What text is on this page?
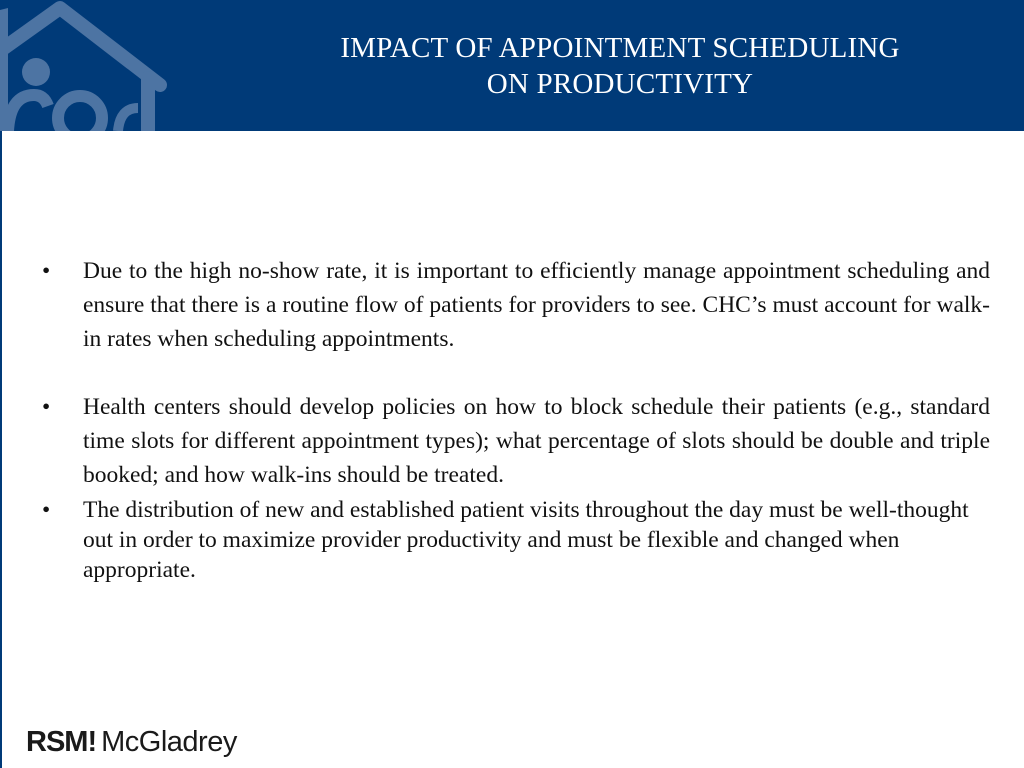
IMPACT OF APPOINTMENT SCHEDULING
ON PRODUCTIVITY
• Due to the high no-show rate, it is important to efficiently manage appointment scheduling and ensure that there is a routine flow of patients for providers to see. CHC’s must account for walk-in rates when scheduling appointments.
• Health centers should develop policies on how to block schedule their patients (e.g., standard time slots for different appointment types); what percentage of slots should be double and triple booked; and how walk-ins should be treated.
• The distribution of new and established patient visits throughout the day must be well-thought out in order to maximize provider productivity and must be flexible and changed when appropriate.
RSM! McGladrey
